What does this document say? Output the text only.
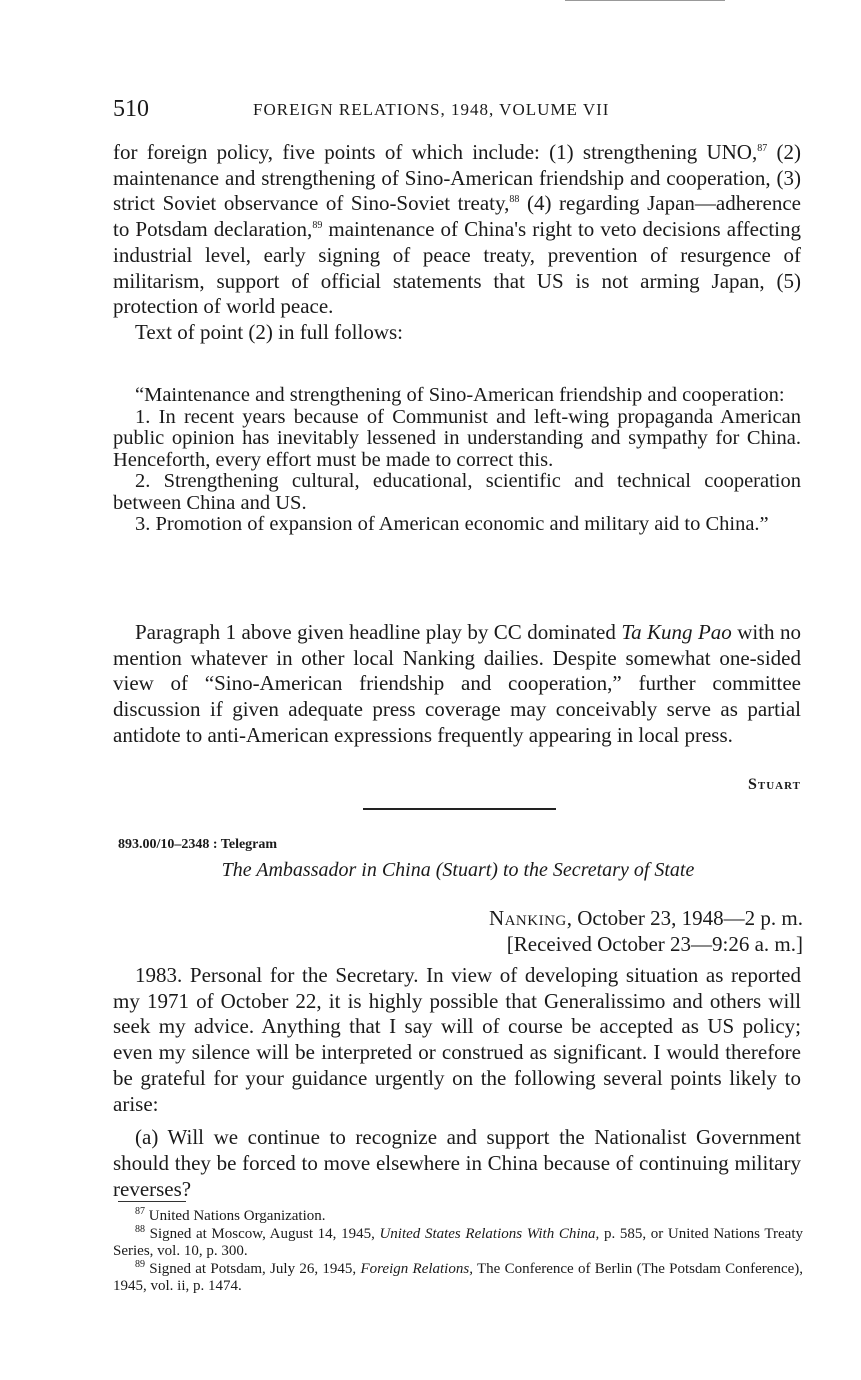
510	FOREIGN RELATIONS, 1948, VOLUME VII

for foreign policy, five points of which include: (1) strengthening UNO,$^{87}$ (2) maintenance and strengthening of Sino-American friendship and cooperation, (3) strict Soviet observance of Sino-Soviet treaty,$^{88}$ (4) regarding Japan—adherence to Potsdam declaration,$^{89}$ maintenance of China's right to veto decisions affecting industrial level, early signing of peace treaty, prevention of resurgence of militarism, support of official statements that US is not arming Japan, (5) protection of world peace.

Text of point (2) in full follows:

“Maintenance and strengthening of Sino-American friendship and cooperation:

1. In recent years because of Communist and left-wing propaganda American public opinion has inevitably lessened in understanding and sympathy for China. Henceforth, every effort must be made to correct this.

2. Strengthening cultural, educational, scientific and technical cooperation between China and US.

3. Promotion of expansion of American economic and military aid to China.”

Paragraph 1 above given headline play by CC dominated Ta Kung Pao with no mention whatever in other local Nanking dailies. Despite somewhat one-sided view of “Sino-American friendship and cooperation,” further committee discussion if given adequate press coverage may conceivably serve as partial antidote to anti-American expressions frequently appearing in local press.

Stuart
893.00/10–2348 : Telegram
The Ambassador in China (Stuart) to the Secretary of State
Nanking, October 23, 1948—2 p. m.
[Received October 23—9:26 a. m.]

1983. Personal for the Secretary. In view of developing situation as reported my 1971 of October 22, it is highly possible that Generalissimo and others will seek my advice. Anything that I say will of course be accepted as US policy; even my silence will be interpreted or construed as significant. I would therefore be grateful for your guidance urgently on the following several points likely to arise:

(a) Will we continue to recognize and support the Nationalist Government should they be forced to move elsewhere in China because of continuing military reverses?

$^{87}$ United Nations Organization.

$^{88}$ Signed at Moscow, August 14, 1945, United States Relations With China, p. 585, or United Nations Treaty Series, vol. 10, p. 300.

$^{89}$ Signed at Potsdam, July 26, 1945, Foreign Relations, The Conference of Berlin (The Potsdam Conference), 1945, vol. ii, p. 1474.
